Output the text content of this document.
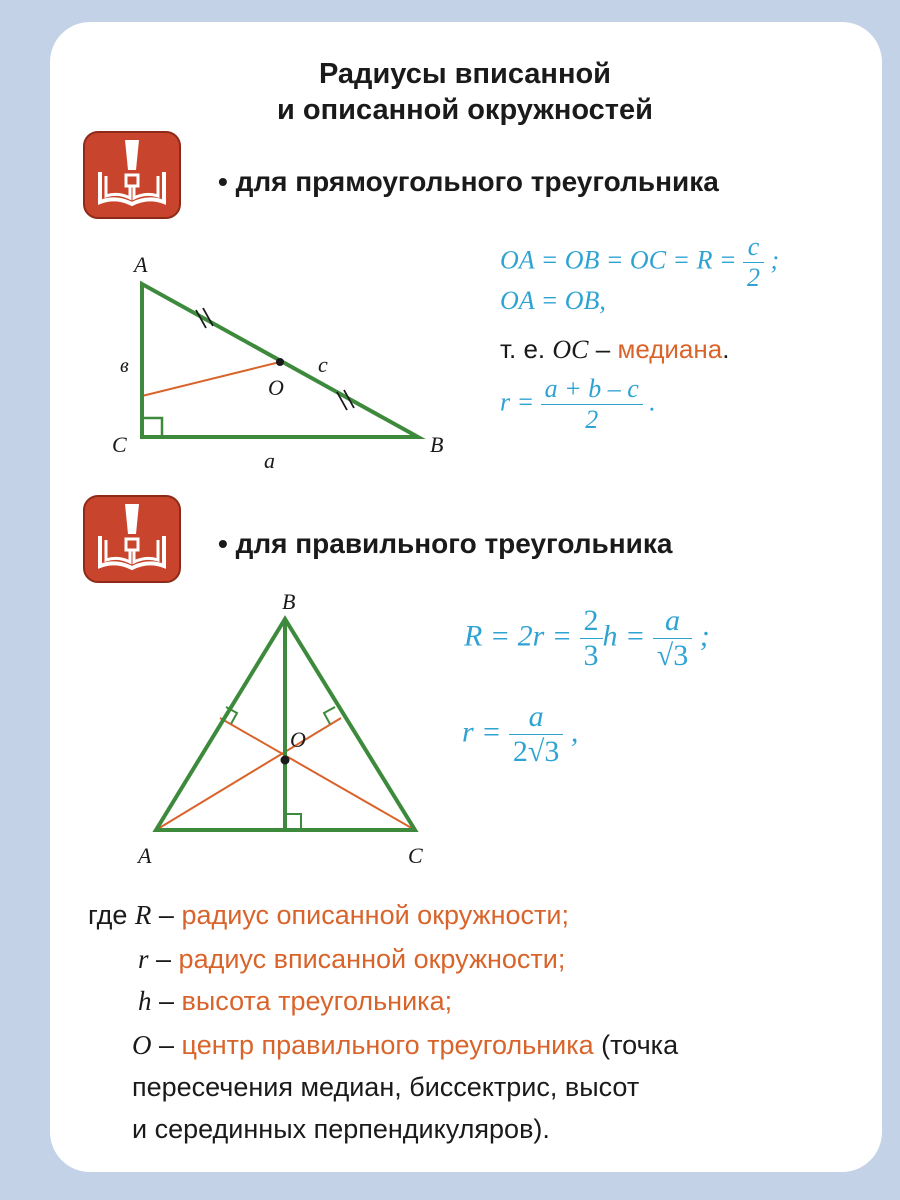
Радиусы вписанной
и описанной окружностей
• для прямоугольного треугольника
A
B
C
O
в	c
a
OA = OB = OC = $R = \frac{c}{2}$ ;
OA = OB,
т. е. OC – медиана.
$r = \frac{a + b - c}{2}$ .
• для правильного треугольника
B
A	C
O
$R = 2r = \frac{2}{3}$ $h = \frac{a}{√3}$ ;
$r = \frac{a}{2√3}$ ,
где R – радиус описанной окружности;
r – радиус вписанной окружности;
h – высота треугольника;
O – центр правильного треугольника (точка
пересечения медиан, биссектрис, высот
и серединных перпендикуляров).
